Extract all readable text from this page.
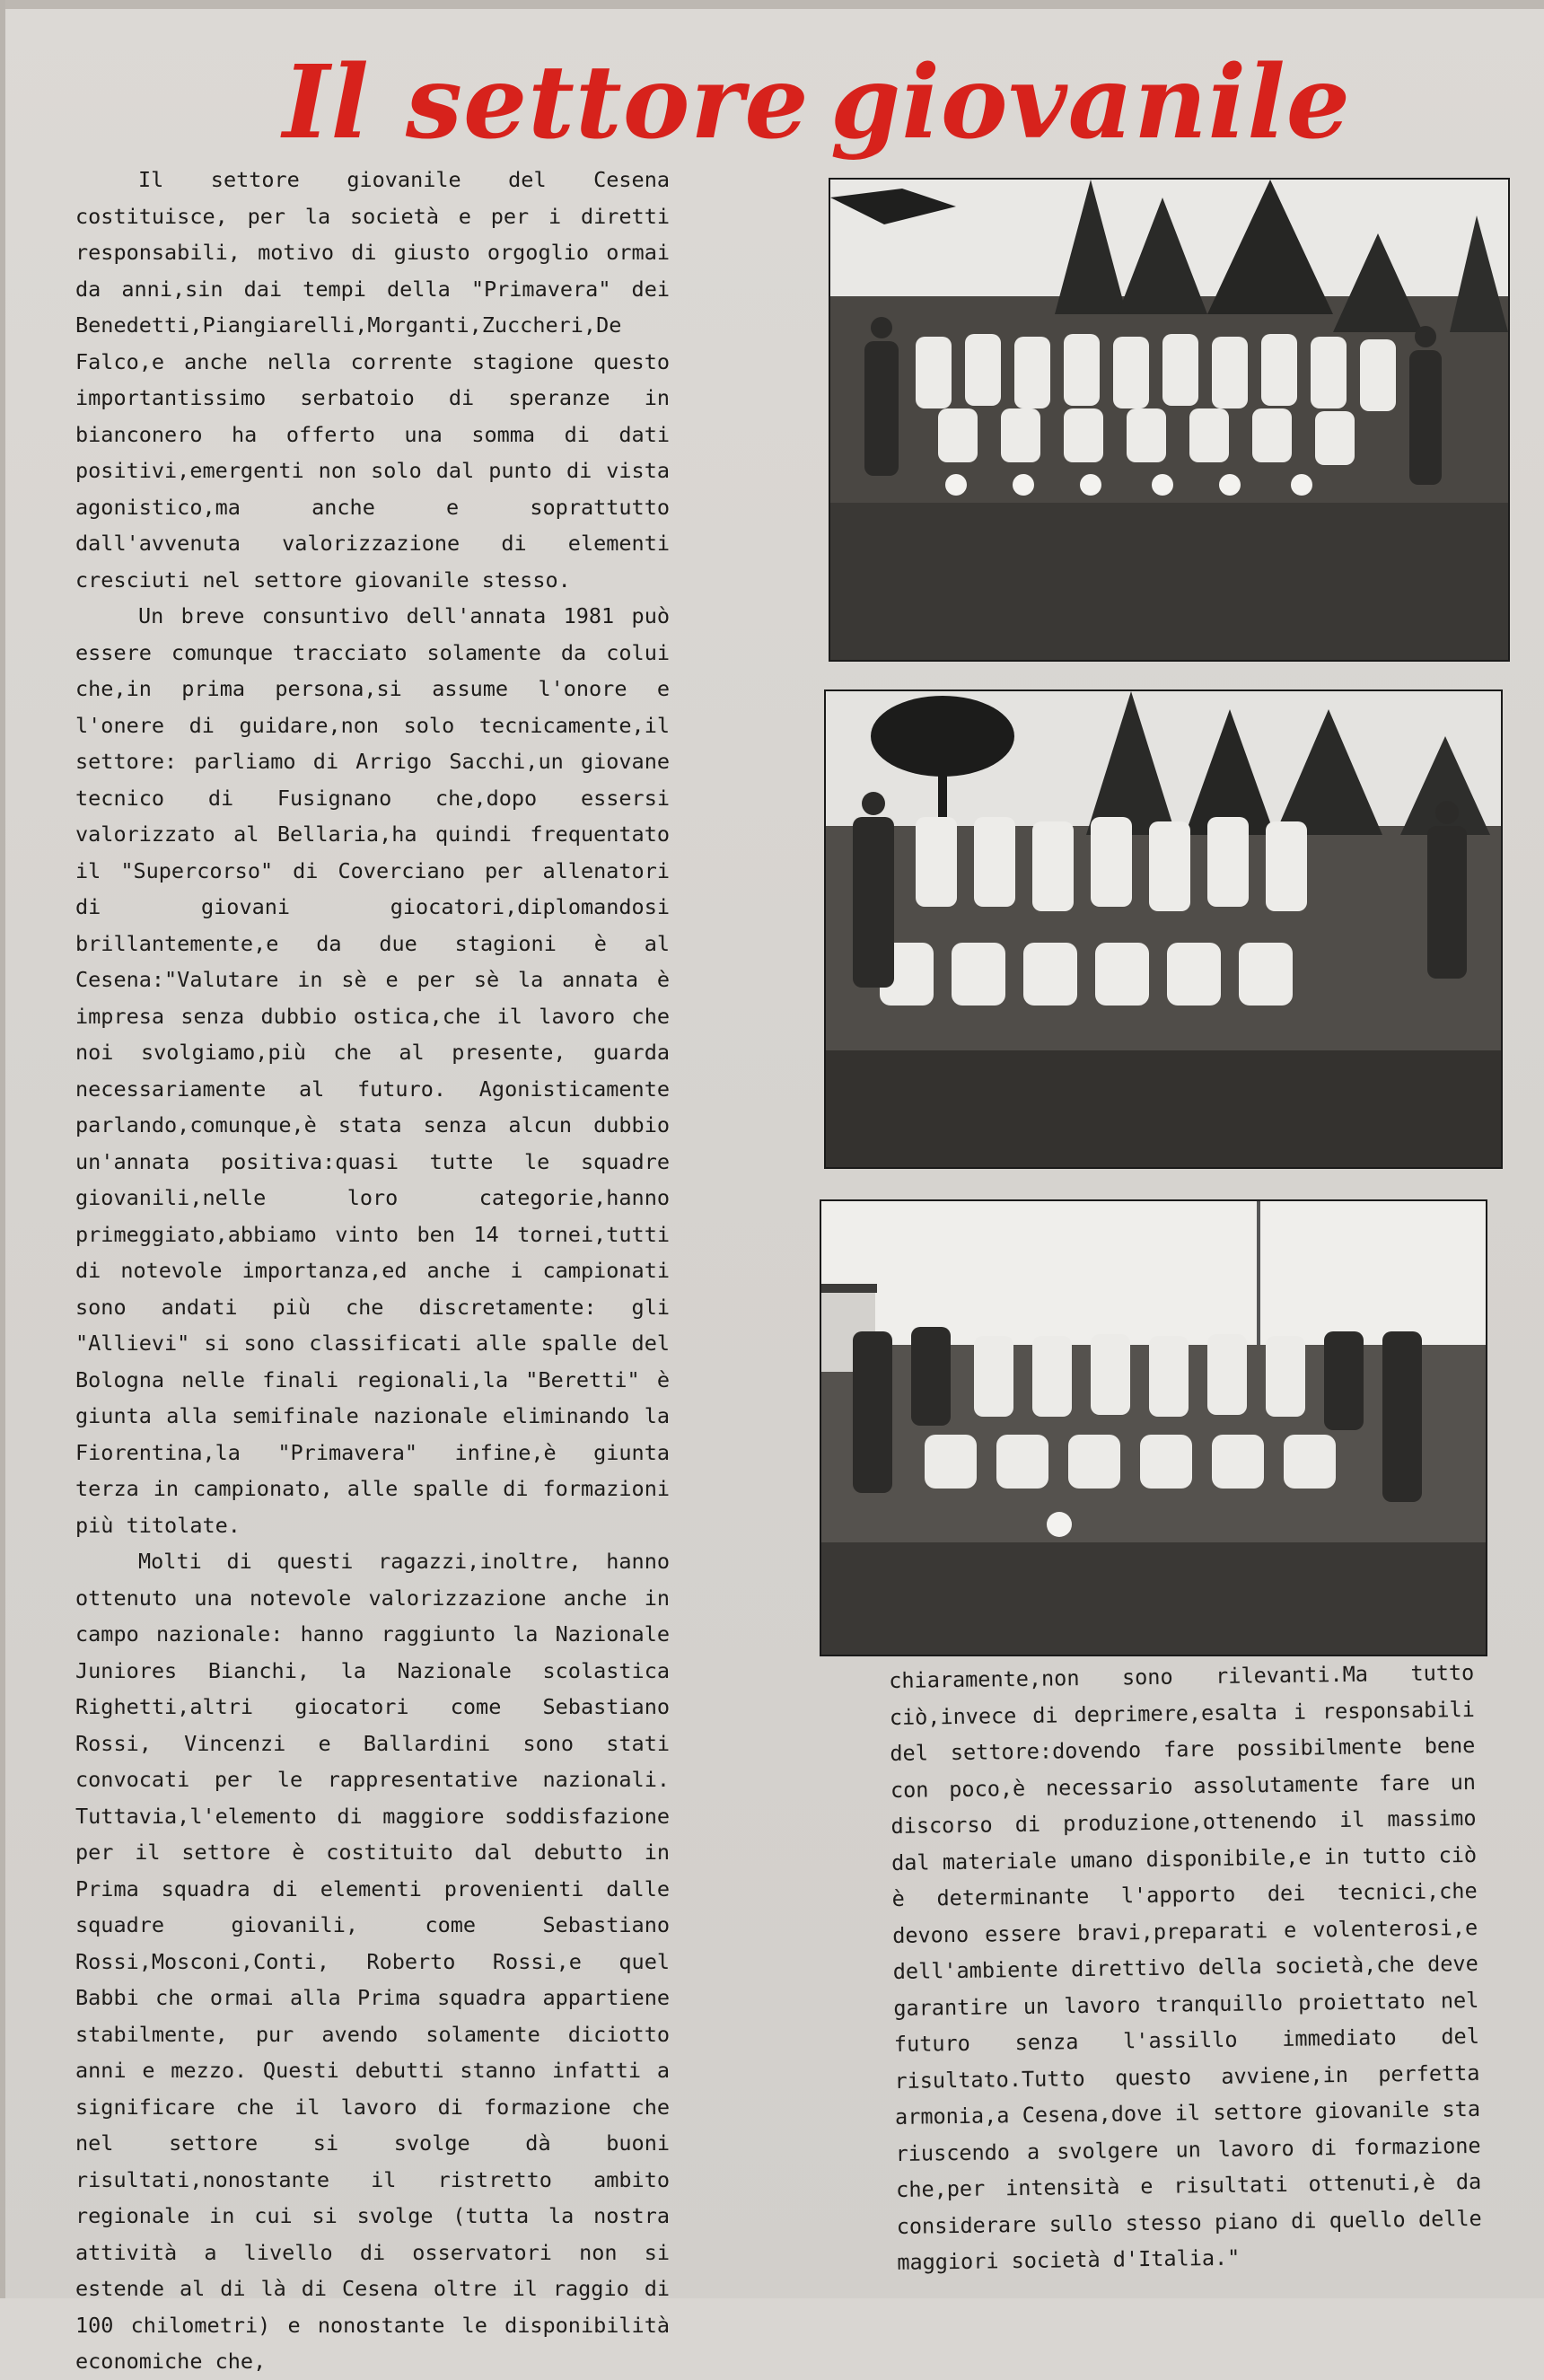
Il settore giovanile

Il settore giovanile del Cesena costituisce, per la società e per i diretti responsabili, motivo di giusto orgoglio ormai da anni,sin dai tempi della "Primavera" dei Benedetti,Piangiarelli,Morganti,Zuccheri,De Falco,e anche nella corrente stagione questo importantissimo serbatoio di speranze in bianconero ha offerto una somma di dati positivi,emergenti non solo dal punto di vista agonistico,ma anche e soprattutto dall'avvenuta valorizzazione di elementi cresciuti nel settore giovanile stesso.

Un breve consuntivo dell'annata 1981 può essere comunque tracciato solamente da colui che,in prima persona,si assume l'onore e l'onere di guidare,non solo tecnicamente,il settore: parliamo di Arrigo Sacchi,un giovane tecnico di Fusignano che,dopo essersi valorizzato al Bellaria,ha quindi frequentato il "Supercorso" di Coverciano per allenatori di giovani giocatori,diplomandosi brillantemente,e da due stagioni è al Cesena:"Valutare in sè e per sè la annata è impresa senza dubbio ostica,che il lavoro che noi svolgiamo,più che al presente, guarda necessariamente al futuro. Agonisticamente parlando,comunque,è stata senza alcun dubbio un'annata positiva:quasi tutte le squadre giovanili,nelle loro categorie,hanno primeggiato,abbiamo vinto ben 14 tornei,tutti di notevole importanza,ed anche i campionati sono andati più che discretamente: gli "Allievi" si sono classificati alle spalle del Bologna nelle finali regionali,la "Beretti" è giunta alla semifinale nazionale eliminando la Fiorentina,la "Primavera" infine,è giunta terza in campionato, alle spalle di formazioni più titolate.

Molti di questi ragazzi,inoltre, hanno ottenuto una notevole valorizzazione anche in campo nazionale: hanno raggiunto la Nazionale Juniores Bianchi, la Nazionale scolastica Righetti,altri giocatori come Sebastiano Rossi, Vincenzi e Ballardini sono stati convocati per le rappresentative nazionali. Tuttavia,l'elemento di maggiore soddisfazione per il settore è costituito dal debutto in Prima squadra di elementi provenienti dalle squadre giovanili, come Sebastiano Rossi,Mosconi,Conti, Roberto Rossi,e quel Babbi che ormai alla Prima squadra appartiene stabilmente, pur avendo solamente diciotto anni e mezzo. Questi debutti stanno infatti a significare che il lavoro di formazione che nel settore si svolge dà buoni risultati,nonostante il ristretto ambito regionale in cui si svolge (tutta la nostra attività a livello di osservatori non si estende al di là di Cesena oltre il raggio di 100 chilometri) e nonostante le disponibilità economiche che,

chiaramente,non sono rilevanti.Ma tutto ciò,invece di deprimere,esalta i responsabili del settore:dovendo fare possibilmente bene con poco,è necessario assolutamente fare un discorso di produzione,ottenendo il massimo dal materiale umano disponibile,e in tutto ciò è determinante l'apporto dei tecnici,che devono essere bravi,preparati e volenterosi,e dell'ambiente direttivo della società,che deve garantire un lavoro tranquillo proiettato nel futuro senza l'assillo immediato del risultato.Tutto questo avviene,in perfetta armonia,a Cesena,dove il settore giovanile sta riuscendo a svolgere un lavoro di formazione che,per intensità e risultati ottenuti,è da considerare sullo stesso piano di quello delle maggiori società d'Italia."
